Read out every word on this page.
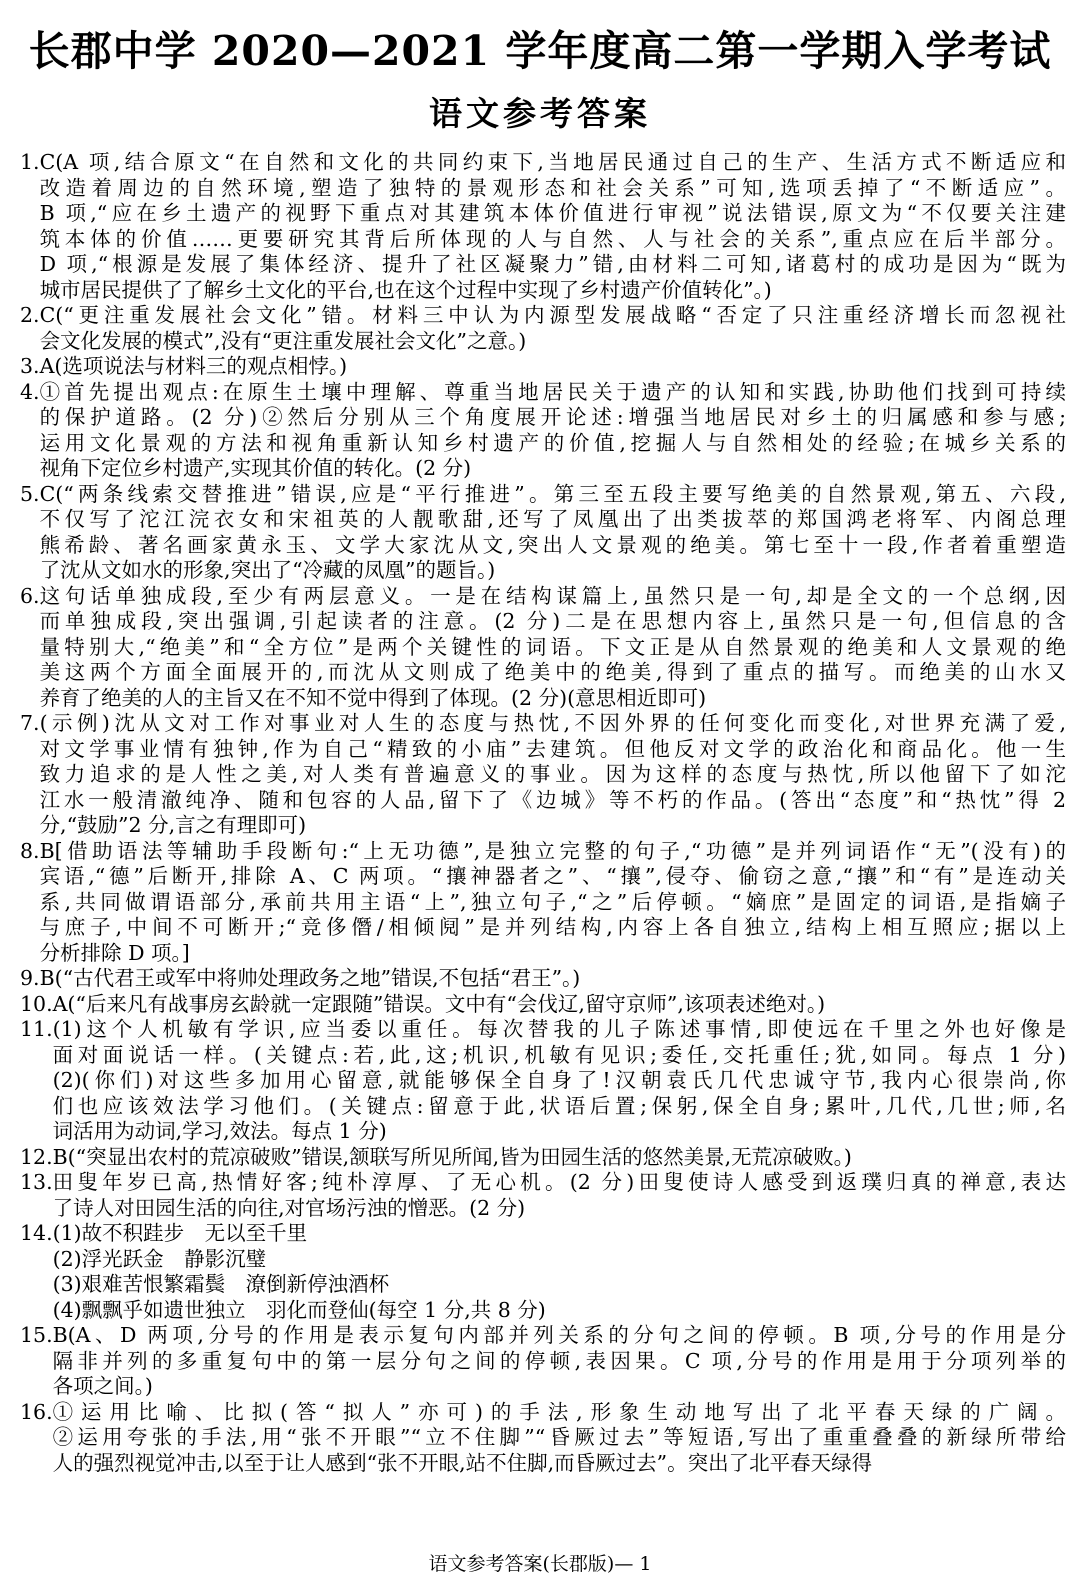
长郡中学 2020—2021 学年度高二第一学期入学考试
语文参考答案
1. C(A 项,结合原文“在自然和文化的共同约束下,当地居民通过自己的生产、生活方式不断适应和
改造着周边的自然环境,塑造了独特的景观形态和社会关系”可知,选项丢掉了“不断适应”。
B 项,“应在乡土遗产的视野下重点对其建筑本体价值进行审视”说法错误,原文为“不仅要关注建
筑本体的价值……更要研究其背后所体现的人与自然、人与社会的关系”,重点应在后半部分。
D 项,“根源是发展了集体经济、提升了社区凝聚力”错,由材料二可知,诸葛村的成功是因为“既为
城市居民提供了了解乡土文化的平台,也在这个过程中实现了乡村遗产价值转化”。)
2. C(“更注重发展社会文化”错。材料三中认为内源型发展战略“否定了只注重经济增长而忽视社
会文化发展的模式”,没有“更注重发展社会文化”之意。)
3. A(选项说法与材料三的观点相悖。)
4. ①首先提出观点:在原生土壤中理解、尊重当地居民关于遗产的认知和实践,协助他们找到可持续
的保护道路。(2 分)②然后分别从三个角度展开论述:增强当地居民对乡土的归属感和参与感;
运用文化景观的方法和视角重新认知乡村遗产的价值,挖掘人与自然相处的经验;在城乡关系的
视角下定位乡村遗产,实现其价值的转化。(2 分)
5. C(“两条线索交替推进”错误,应是“平行推进”。第三至五段主要写绝美的自然景观,第五、六段,
不仅写了沱江浣衣女和宋祖英的人靓歌甜,还写了凤凰出了出类拔萃的郑国鸿老将军、内阁总理
熊希龄、著名画家黄永玉、文学大家沈从文,突出人文景观的绝美。第七至十一段,作者着重塑造
了沈从文如水的形象,突出了“冷藏的凤凰”的题旨。)
6. 这句话单独成段,至少有两层意义。一是在结构谋篇上,虽然只是一句,却是全文的一个总纲,因
而单独成段,突出强调,引起读者的注意。(2 分)二是在思想内容上,虽然只是一句,但信息的含
量特别大,“绝美”和“全方位”是两个关键性的词语。下文正是从自然景观的绝美和人文景观的绝
美这两个方面全面展开的,而沈从文则成了绝美中的绝美,得到了重点的描写。而绝美的山水又
养育了绝美的人的主旨又在不知不觉中得到了体现。(2 分)(意思相近即可)
7. (示例)沈从文对工作对事业对人生的态度与热忱,不因外界的任何变化而变化,对世界充满了爱,
对文学事业情有独钟,作为自己“精致的小庙”去建筑。但他反对文学的政治化和商品化。他一生
致力追求的是人性之美,对人类有普遍意义的事业。因为这样的态度与热忱,所以他留下了如沱
江水一般清澈纯净、随和包容的人品,留下了《边城》等不朽的作品。(答出“态度”和“热忱”得 2
分,“鼓励”2 分,言之有理即可)
8. B[借助语法等辅助手段断句:“上无功德”,是独立完整的句子,“功德”是并列词语作“无”(没有)的
宾语,“德”后断开,排除 A、C 两项。“攘神器者之”、“攘”,侵夺、偷窃之意,“攘”和“有”是连动关
系,共同做谓语部分,承前共用主语“上”,独立句子,“之”后停顿。“嫡庶”是固定的词语,是指嫡子
与庶子,中间不可断开;“竞侈僭/相倾阋”是并列结构,内容上各自独立,结构上相互照应;据以上
分析排除 D 项。]
9. B(“古代君王或军中将帅处理政务之地”错误,不包括“君王”。)
10. A(“后来凡有战事房玄龄就一定跟随”错误。文中有“会伐辽,留守京师”,该项表述绝对。)
11. (1)这个人机敏有学识,应当委以重任。每次替我的儿子陈述事情,即使远在千里之外也好像是
面对面说话一样。(关键点:若,此,这;机识,机敏有见识;委任,交托重任;犹,如同。每点 1 分)
(2)(你们)对这些多加用心留意,就能够保全自身了!汉朝袁氏几代忠诚守节,我内心很崇尚,你
们也应该效法学习他们。(关键点:留意于此,状语后置;保躬,保全自身;累叶,几代,几世;师,名
词活用为动词,学习,效法。每点 1 分)
12. B(“突显出农村的荒凉破败”错误,颔联写所见所闻,皆为田园生活的悠然美景,无荒凉破败。)
13. 田叟年岁已高,热情好客;纯朴淳厚、了无心机。(2 分)田叟使诗人感受到返璞归真的禅意,表达
了诗人对田园生活的向往,对官场污浊的憎恶。(2 分)
14. (1)故不积跬步　无以至千里
(2)浮光跃金　静影沉璧
(3)艰难苦恨繁霜鬓　潦倒新停浊酒杯
(4)飘飘乎如遗世独立　羽化而登仙(每空 1 分,共 8 分)
15. B(A、D 两项,分号的作用是表示复句内部并列关系的分句之间的停顿。B 项,分号的作用是分
隔非并列的多重复句中的第一层分句之间的停顿,表因果。C 项,分号的作用是用于分项列举的
各项之间。)
16. ①运用比喻、比拟(答“拟人”亦可)的手法,形象生动地写出了北平春天绿的广阔。
②运用夸张的手法,用“张不开眼”“立不住脚”“昏厥过去”等短语,写出了重重叠叠的新绿所带给
人的强烈视觉冲击,以至于让人感到“张不开眼,站不住脚,而昏厥过去”。突出了北平春天绿得
语文参考答案(长郡版)— 1
